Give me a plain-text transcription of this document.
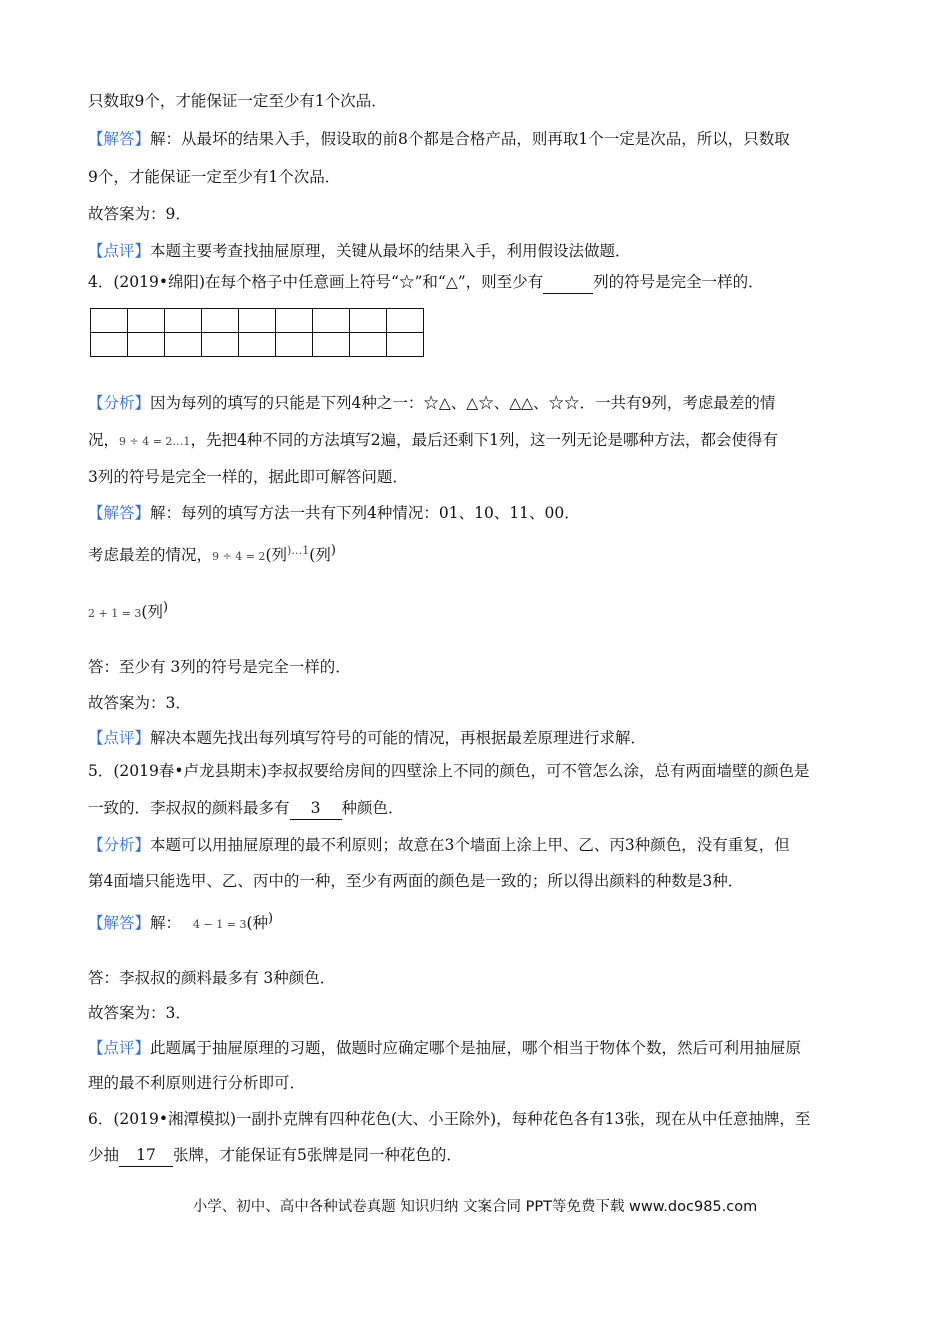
只数取9个，才能保证一定至少有1个次品．
【解答】解：从最坏的结果入手，假设取的前8个都是合格产品，则再取1个一定是次品，所以，只数取
9个，才能保证一定至少有1个次品．
故答案为：9．
【点评】本题主要考查找抽屉原理，关键从最坏的结果入手，利用假设法做题．
4．(2019•绵阳)在每个格子中任意画上符号“☆”和“△”，则至少有	列的符号是完全一样的．

【分析】因为每列的填写的只能是下列4种之一：☆△、△☆、△△、☆☆．一共有9列，考虑最差的情
况，9 ÷ 4 = 2…1，先把4种不同的方法填写2遍，最后还剩下1列，这一列无论是哪种方法，都会使得有
3列的符号是完全一样的，据此即可解答问题．
【解答】解：每列的填写方法一共有下列4种情况：01、10、11、00．
考虑最差的情况，9 ÷ 4 = 2(列$^{)\dots 1}$(列)
2 + 1 = 3(列)
答：至少有 3列的符号是完全一样的．
故答案为：3．
【点评】解决本题先找出每列填写符号的可能的情况，再根据最差原理进行求解．
5．(2019春•卢龙县期末)李叔叔要给房间的四壁涂上不同的颜色，可不管怎么涂，总有两面墙壁的颜色是
一致的．李叔叔的颜料最多有 3 种颜色．
【分析】本题可以用抽屉原理的最不利原则；故意在3个墙面上涂上甲、乙、丙3种颜色，没有重复，但
第4面墙只能选甲、乙、丙中的一种，至少有两面的颜色是一致的；所以得出颜料的种数是3种．
【解答】解： 4 − 1 = 3(种)
答：李叔叔的颜料最多有 3种颜色．
故答案为：3．
【点评】此题属于抽屉原理的习题，做题时应确定哪个是抽屉，哪个相当于物体个数，然后可利用抽屉原
理的最不利原则进行分析即可．
6．(2019•湘潭模拟)一副扑克牌有四种花色(大、小王除外)，每种花色各有13张，现在从中任意抽牌，至
少抽 17 张牌，才能保证有5张牌是同一种花色的．
小学、初中、高中各种试卷真题 知识归纳 文案合同 PPT等免费下载 www.doc985.com
